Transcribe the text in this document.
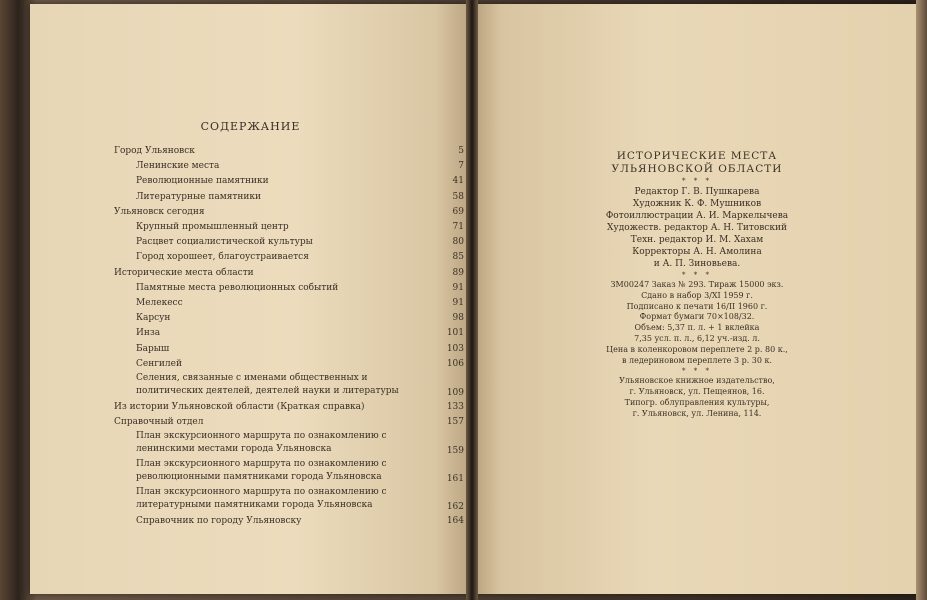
СОДЕРЖАНИЕ
Город Ульяновск	5
Ленинские места	7
Революционные памятники	41
Литературные памятники	58
Ульяновск сегодня	69
Крупный промышленный центр	71
Расцвет социалистической культуры	80
Город хорошеет, благоустраивается	85
Исторические места области	89
Памятные места революционных событий	91
Мелекесс	91
Карсун	98
Инза	101
Барыш	103
Сенгилей	106
Селения, связанные с именами общественных и политических деятелей, деятелей науки и литературы	109
Из истории Ульяновской области (Краткая справка)	133
Справочный отдел	157
План экскурсионного маршрута по ознакомлению с ленинскими местами города Ульяновска	159
План экскурсионного маршрута по ознакомлению с революционными памятниками города Ульяновска	161
План экскурсионного маршрута по ознакомлению с литературными памятниками города Ульяновска	162
Справочник по городу Ульяновску	164
ИСТОРИЧЕСКИЕ МЕСТА
УЛЬЯНОВСКОЙ ОБЛАСТИ
* * *
Редактор Г. В. Пушкарева
Художник К. Ф. Мушников
Фотоиллюстрации А. И. Маркелычева
Художеств. редактор А. Н. Титовский
Техн. редактор И. М. Хахам
Корректоры А. Н. Амолина
и А. П. Зиновьева.
* * *
ЗМ00247 Заказ № 293. Тираж 15000 экз.
Сдано в набор 3/XI 1959 г.
Подписано к печати 16/II 1960 г.
Формат бумаги 70×108/32.
Объем: 5,37 п. л. + 1 вклейка
7,35 усл. п. л., 6,12 уч.-изд. л.
Цена в коленкоровом переплете 2 р. 80 к.,
в ледериновом переплете 3 р. 30 к.
* * *
Ульяновское книжное издательство,
г. Ульяновск, ул. Пещеянов, 16.
Типогр. облуправления культуры,
г. Ульяновск, ул. Ленина, 114.
